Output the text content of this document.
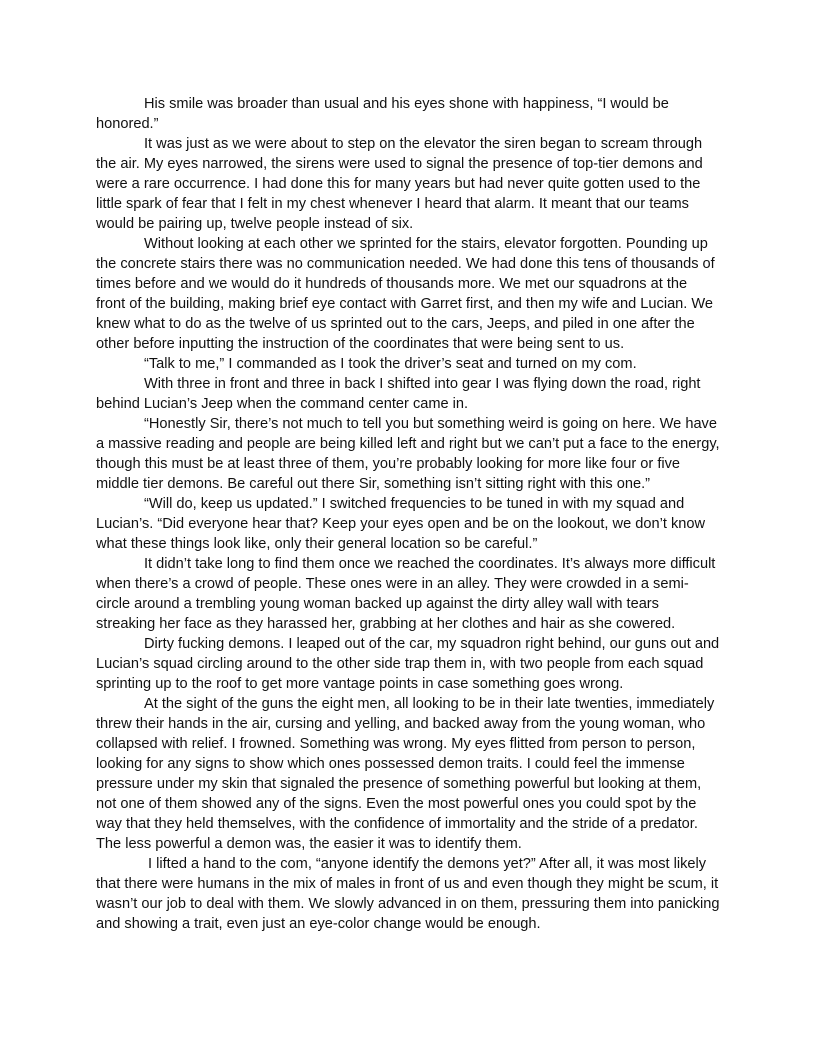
His smile was broader than usual and his eyes shone with happiness, “I would be honored.”

It was just as we were about to step on the elevator the siren began to scream through the air. My eyes narrowed, the sirens were used to signal the presence of top-tier demons and were a rare occurrence. I had done this for many years but had never quite gotten used to the little spark of fear that I felt in my chest whenever I heard that alarm. It meant that our teams would be pairing up, twelve people instead of six.

Without looking at each other we sprinted for the stairs, elevator forgotten. Pounding up the concrete stairs there was no communication needed. We had done this tens of thousands of times before and we would do it hundreds of thousands more. We met our squadrons at the front of the building, making brief eye contact with Garret first, and then my wife and Lucian. We knew what to do as the twelve of us sprinted out to the cars, Jeeps, and piled in one after the other before inputting the instruction of the coordinates that were being sent to us.

“Talk to me,” I commanded as I took the driver’s seat and turned on my com.

With three in front and three in back I shifted into gear I was flying down the road, right behind Lucian’s Jeep when the command center came in.

“Honestly Sir, there’s not much to tell you but something weird is going on here. We have a massive reading and people are being killed left and right but we can’t put a face to the energy, though this must be at least three of them, you’re probably looking for more like four or five middle tier demons. Be careful out there Sir, something isn’t sitting right with this one.”

“Will do, keep us updated.” I switched frequencies to be tuned in with my squad and Lucian’s. “Did everyone hear that? Keep your eyes open and be on the lookout, we don’t know what these things look like, only their general location so be careful.”

It didn’t take long to find them once we reached the coordinates. It’s always more difficult when there’s a crowd of people. These ones were in an alley. They were crowded in a semi-circle around a trembling young woman backed up against the dirty alley wall with tears streaking her face as they harassed her, grabbing at her clothes and hair as she cowered.

Dirty fucking demons. I leaped out of the car, my squadron right behind, our guns out and Lucian’s squad circling around to the other side trap them in, with two people from each squad sprinting up to the roof to get more vantage points in case something goes wrong.

At the sight of the guns the eight men, all looking to be in their late twenties, immediately threw their hands in the air, cursing and yelling, and backed away from the young woman, who collapsed with relief. I frowned. Something was wrong. My eyes flitted from person to person, looking for any signs to show which ones possessed demon traits. I could feel the immense pressure under my skin that signaled the presence of something powerful but looking at them, not one of them showed any of the signs. Even the most powerful ones you could spot by the way that they held themselves, with the confidence of immortality and the stride of a predator. The less powerful a demon was, the easier it was to identify them.

I lifted a hand to the com, “anyone identify the demons yet?” After all, it was most likely that there were humans in the mix of males in front of us and even though they might be scum, it wasn’t our job to deal with them. We slowly advanced in on them, pressuring them into panicking and showing a trait, even just an eye-color change would be enough.
